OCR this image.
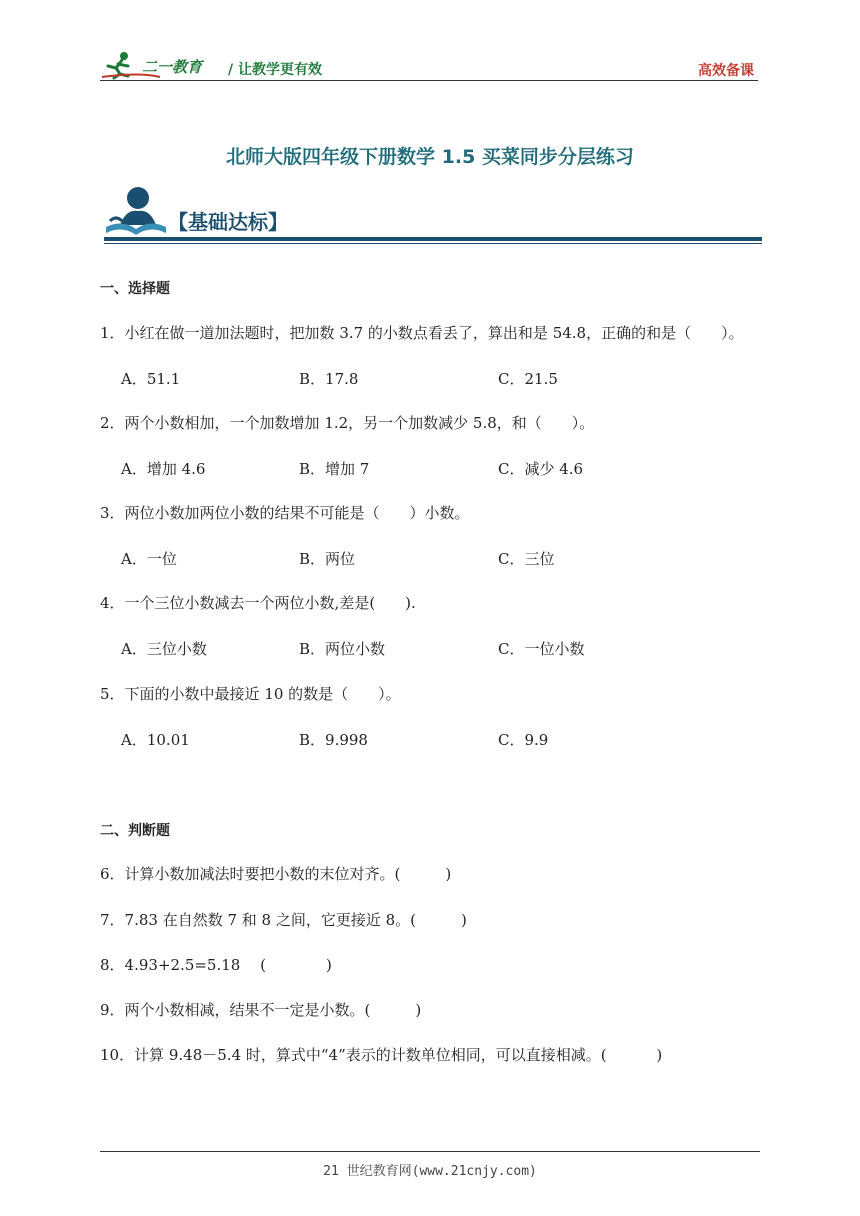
二一教育 / 让教学更有效	高效备课
北师大版四年级下册数学 1.5 买菜同步分层练习
【基础达标】
一、选择题
1．小红在做一道加法题时，把加数 3.7 的小数点看丢了，算出和是 54.8，正确的和是（　　）。
A．51.1	B．17.8	C．21.5
2．两个小数相加，一个加数增加 1.2，另一个加数减少 5.8，和（　　）。
A．增加 4.6	B．增加 7	C．减少 4.6
3．两位小数加两位小数的结果不可能是（　　）小数。
A．一位	B．两位	C．三位
4．一个三位小数减去一个两位小数,差是(　　).
A．三位小数	B．两位小数	C．一位小数
5．下面的小数中最接近 10 的数是（　　）。
A．10.01	B．9.998	C．9.9
二、判断题
6．计算小数加减法时要把小数的末位对齐。(　　　)
7．7.83 在自然数 7 和 8 之间，它更接近 8。(　　　)
8．4.93+2.5=5.18　 (　　　　)
9．两个小数相减，结果不一定是小数。(　　　)
10．计算 9.48－5.4 时，算式中“4”表示的计数单位相同，可以直接相减。(　　　 )
21 世纪教育网(www.21cnjy.com)
